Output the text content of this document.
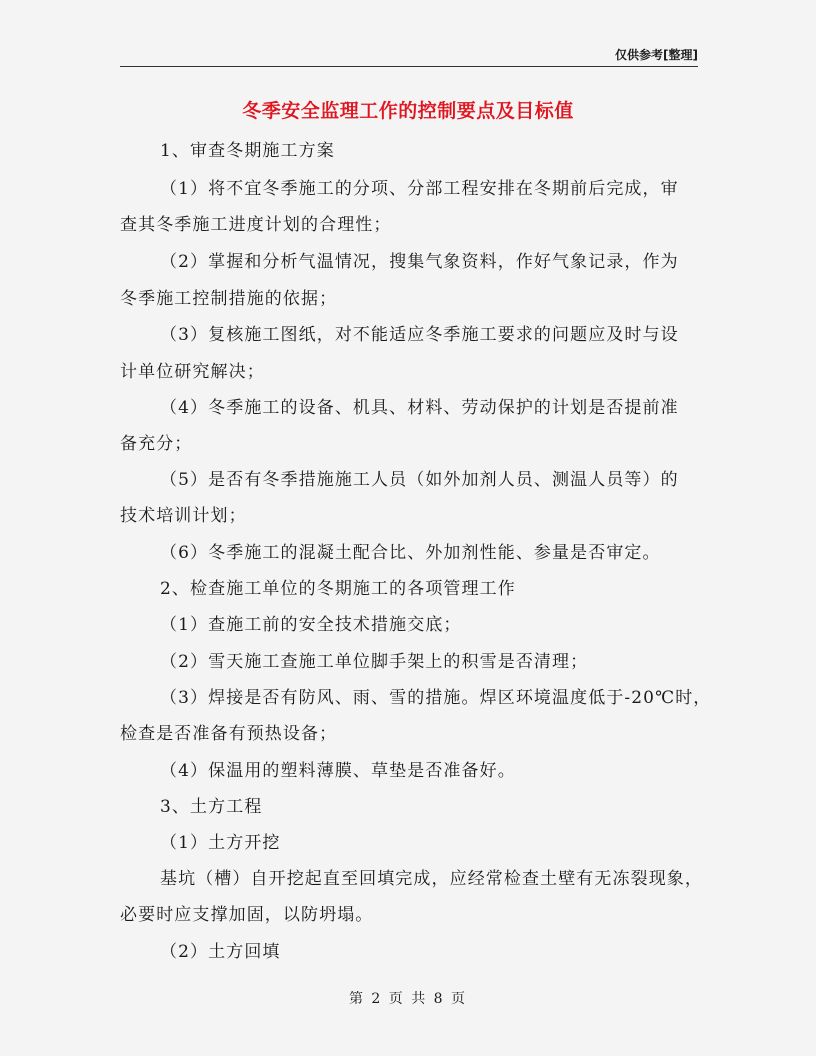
仅供参考[整理]
冬季安全监理工作的控制要点及目标值
1、审查冬期施工方案
（1）将不宜冬季施工的分项、分部工程安排在冬期前后完成，审
查其冬季施工进度计划的合理性；
（2）掌握和分析气温情况，搜集气象资料，作好气象记录，作为
冬季施工控制措施的依据；
（3）复核施工图纸，对不能适应冬季施工要求的问题应及时与设
计单位研究解决；
（4）冬季施工的设备、机具、材料、劳动保护的计划是否提前准
备充分；
（5）是否有冬季措施施工人员（如外加剂人员、测温人员等）的
技术培训计划；
（6）冬季施工的混凝土配合比、外加剂性能、参量是否审定。
2、检查施工单位的冬期施工的各项管理工作
（1）查施工前的安全技术措施交底；
（2）雪天施工查施工单位脚手架上的积雪是否清理；
（3）焊接是否有防风、雨、雪的措施。焊区环境温度低于-20℃时，
检查是否准备有预热设备；
（4）保温用的塑料薄膜、草垫是否准备好。
3、土方工程
（1）土方开挖
基坑（槽）自开挖起直至回填完成，应经常检查土壁有无冻裂现象，
必要时应支撑加固，以防坍塌。
（2）土方回填
第 2 页 共 8 页
